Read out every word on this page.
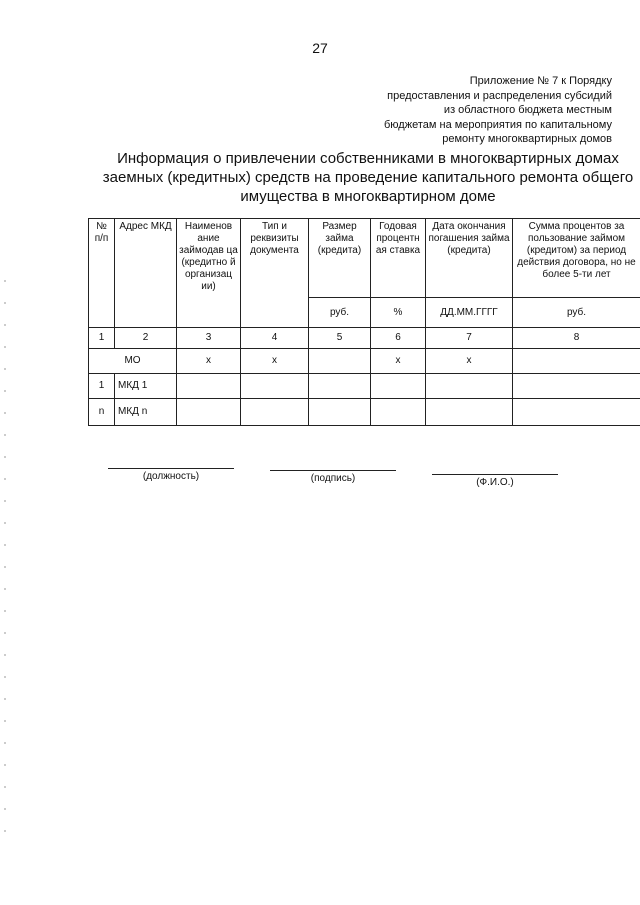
27
Приложение № 7 к Порядку
предоставления и распределения субсидий
из областного бюджета местным
бюджетам на мероприятия по капитальному
ремонту многоквартирных домов
Информация о привлечении собственниками в многоквартирных домах
заемных (кредитных) средств на проведение капитального ремонта общего
имущества в многоквартирном доме
№ п/п	Адрес МКД	Наименов ание займодав ца (кредитно й организац ии)	Тип и реквизиты документа	Размер займа (кредита)	Годовая процентн ая ставка	Дата окончания погашения займа (кредита)	Сумма процентов за пользование займом (кредитом) за период действия договора, но не более 5-ти лет
				руб.	%	ДД.ММ.ГГГГ	руб.
1	2	3	4	5	6	7	8
МО		х	х		х	х	
1	МКД 1						
n	МКД n						
(должность)	(подпись)	(Ф.И.О.)
